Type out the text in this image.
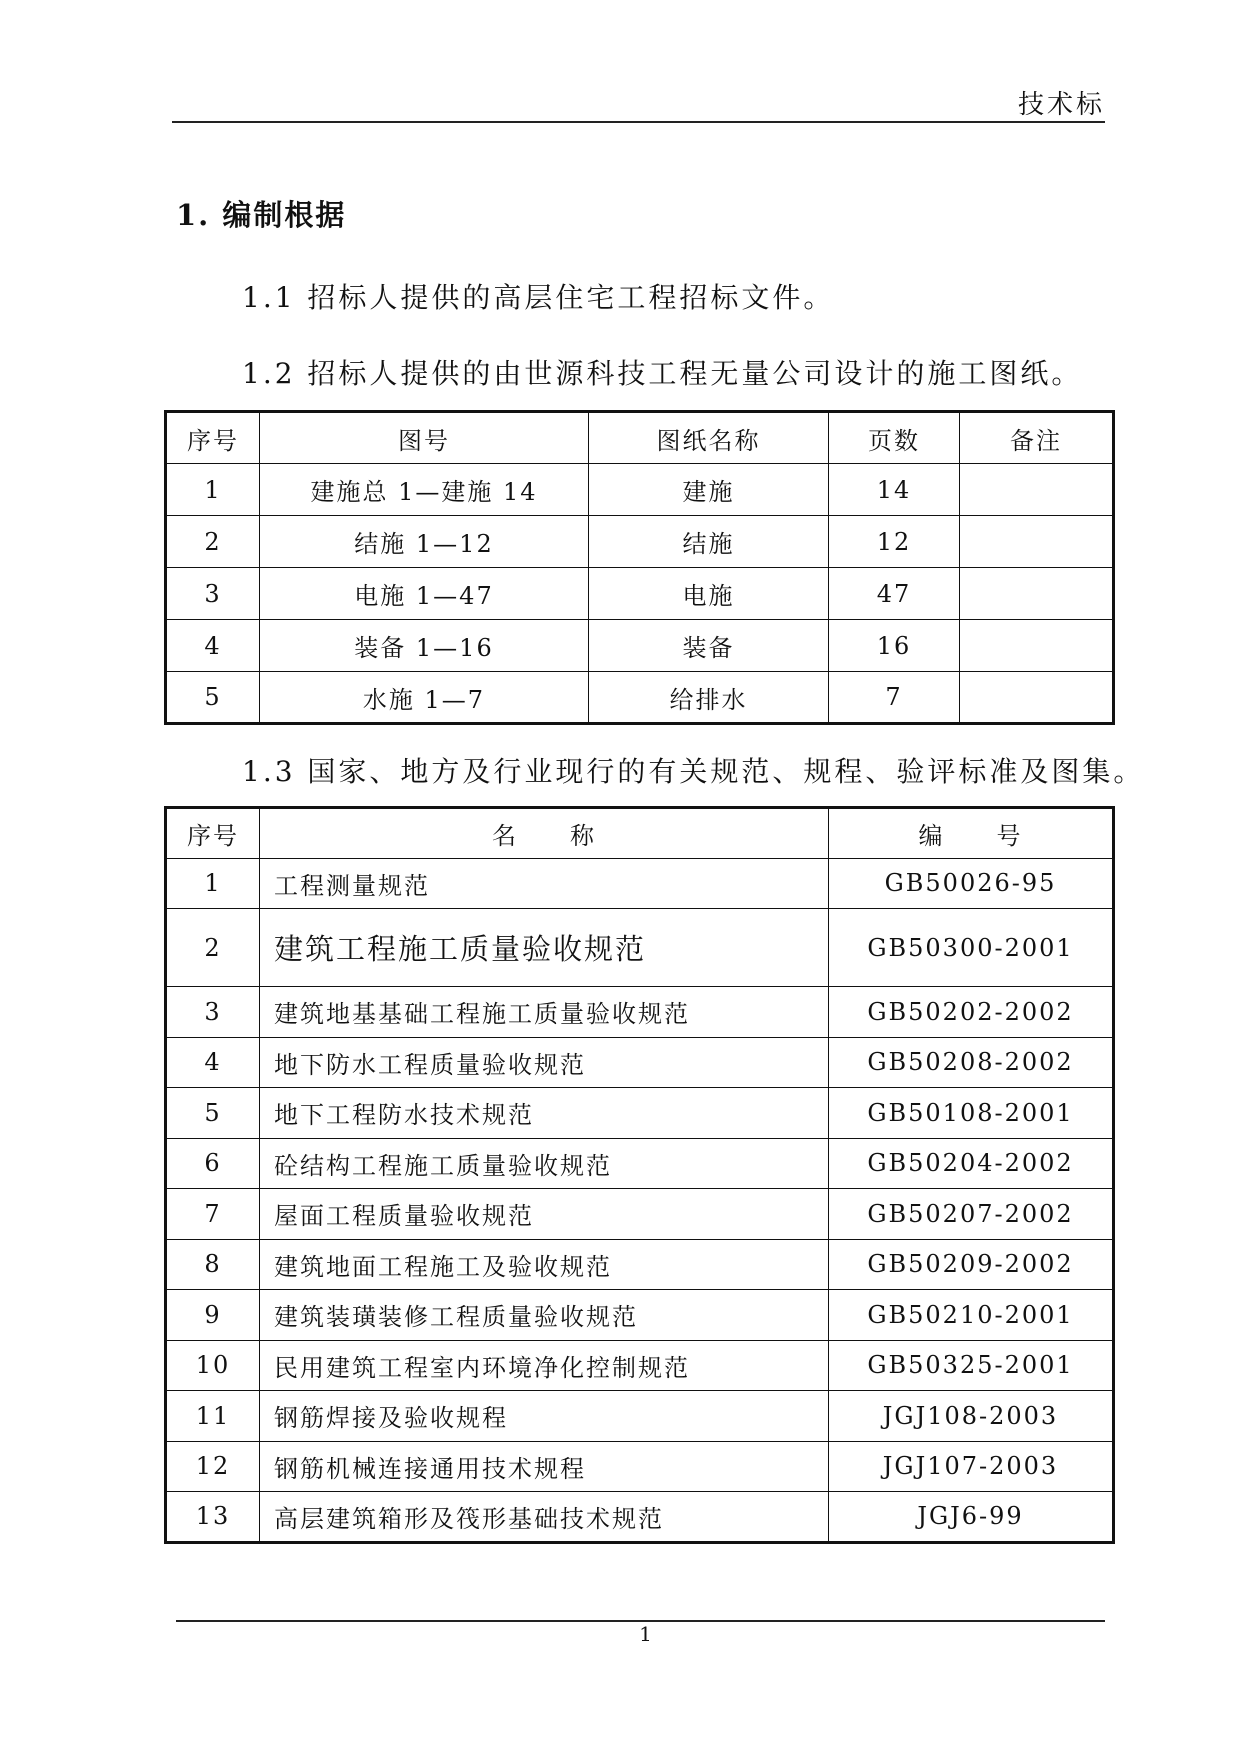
技术标
1. 编制根据
1.1 招标人提供的高层住宅工程招标文件。
1.2 招标人提供的由世源科技工程无量公司设计的施工图纸。
序号	图号	图纸名称	页数	备注
1	建施总 1—建施 14	建施	14	
2	结施 1—12	结施	12	
3	电施 1—47	电施	47	
4	装备 1—16	装备	16	
5	水施 1—7	给排水	7	
1.3 国家、地方及行业现行的有关规范、规程、验评标准及图集。
序号	名　　称	编　　号
1	工程测量规范	GB50026-95
2	建筑工程施工质量验收规范	GB50300-2001
3	建筑地基基础工程施工质量验收规范	GB50202-2002
4	地下防水工程质量验收规范	GB50208-2002
5	地下工程防水技术规范	GB50108-2001
6	砼结构工程施工质量验收规范	GB50204-2002
7	屋面工程质量验收规范	GB50207-2002
8	建筑地面工程施工及验收规范	GB50209-2002
9	建筑装璜装修工程质量验收规范	GB50210-2001
10	民用建筑工程室内环境净化控制规范	GB50325-2001
11	钢筋焊接及验收规程	JGJ108-2003
12	钢筋机械连接通用技术规程	JGJ107-2003
13	高层建筑箱形及筏形基础技术规范	JGJ6-99
1
